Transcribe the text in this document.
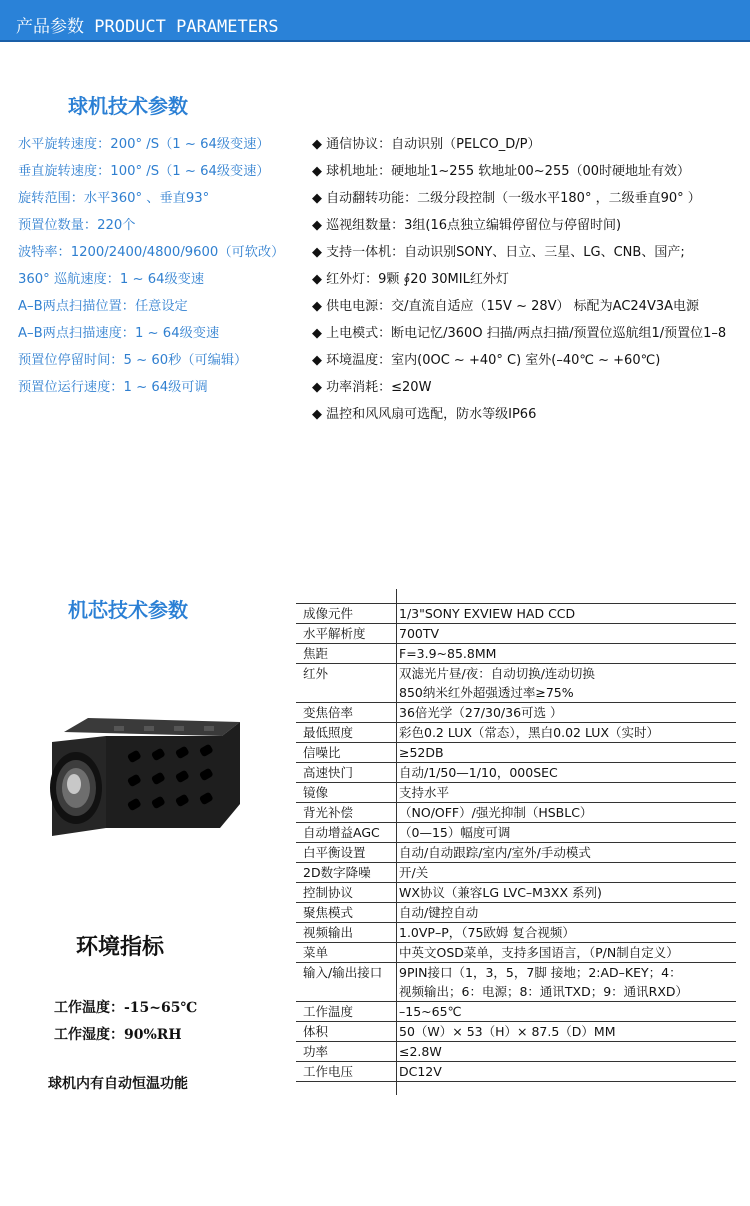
产品参数 PRODUCT PARAMETERS
球机技术参数
水平旋转速度：200° /S（1 ~ 64级变速）
垂直旋转速度：100° /S（1 ~ 64级变速）
旋转范围：水平360° 、垂直93°
预置位数量：220个
波特率：1200/2400/4800/9600（可软改）
360° 巡航速度：1 ~ 64级变速
A–B两点扫描位置：任意设定
A–B两点扫描速度：1 ~ 64级变速
预置位停留时间：5 ~ 60秒（可编辑）
预置位运行速度：1 ~ 64级可调
◆ 通信协议：自动识别（PELCO_D/P）
◆ 球机地址：硬地址1~255 软地址00~255（00时硬地址有效）
◆ 自动翻转功能：二级分段控制（一级水平180° ，二级垂直90° ）
◆ 巡视组数量：3组(16点独立编辑停留位与停留时间)
◆ 支持一体机：自动识别SONY、日立、三星、LG、CNB、国产;
◆ 红外灯：9颗 ∮20 30MIL红外灯
◆ 供电电源：交/直流自适应（15V ~ 28V） 标配为AC24V3A电源
◆ 上电模式：断电记忆/360O 扫描/两点扫描/预置位巡航组1/预置位1–8
◆ 环境温度：室内(0OC ~ +40° C) 室外(–40℃ ~ +60℃)
◆ 功率消耗：≤20W
◆ 温控和风风扇可选配，防水等级IP66
机芯技术参数
环境指标
工作温度：-15~65℃
工作湿度：90%RH
球机内有自动恒温功能
成像元件	1/3"SONY EXVIEW HAD CCD
水平解析度	700TV
焦距	F=3.9~85.8MM
红外	双滤光片昼/夜：自动切换/连动切换
850纳米红外超强透过率≥75%
变焦倍率	36倍光学（27/30/36可选 ）
最低照度	彩色0.2 LUX（常态），黑白0.02 LUX（实时）
信噪比	≥52DB
高速快门	自动/1/50—1/10，000SEC
镜像	支持水平
背光补偿	（NO/OFF）/强光抑制（HSBLC）
自动增益AGC	（0—15）幅度可调
白平衡设置	自动/自动跟踪/室内/室外/手动模式
2D数字降噪	开/关
控制协议	WX协议（兼容LG LVC–M3XX 系列)
聚焦模式	自动/键控自动
视频输出	1.0VP–P，（75欧姆 复合视频）
菜单	中英文OSD菜单，支持多国语言，（P/N制自定义）
输入/输出接口	9PIN接口（1，3，5，7脚 接地；2:AD–KEY；4：
视频输出；6：电源；8：通讯TXD；9：通讯RXD）
工作温度	–15~65℃
体积	50（W）× 53（H）× 87.5（D）MM
功率	≤2.8W
工作电压	DC12V
